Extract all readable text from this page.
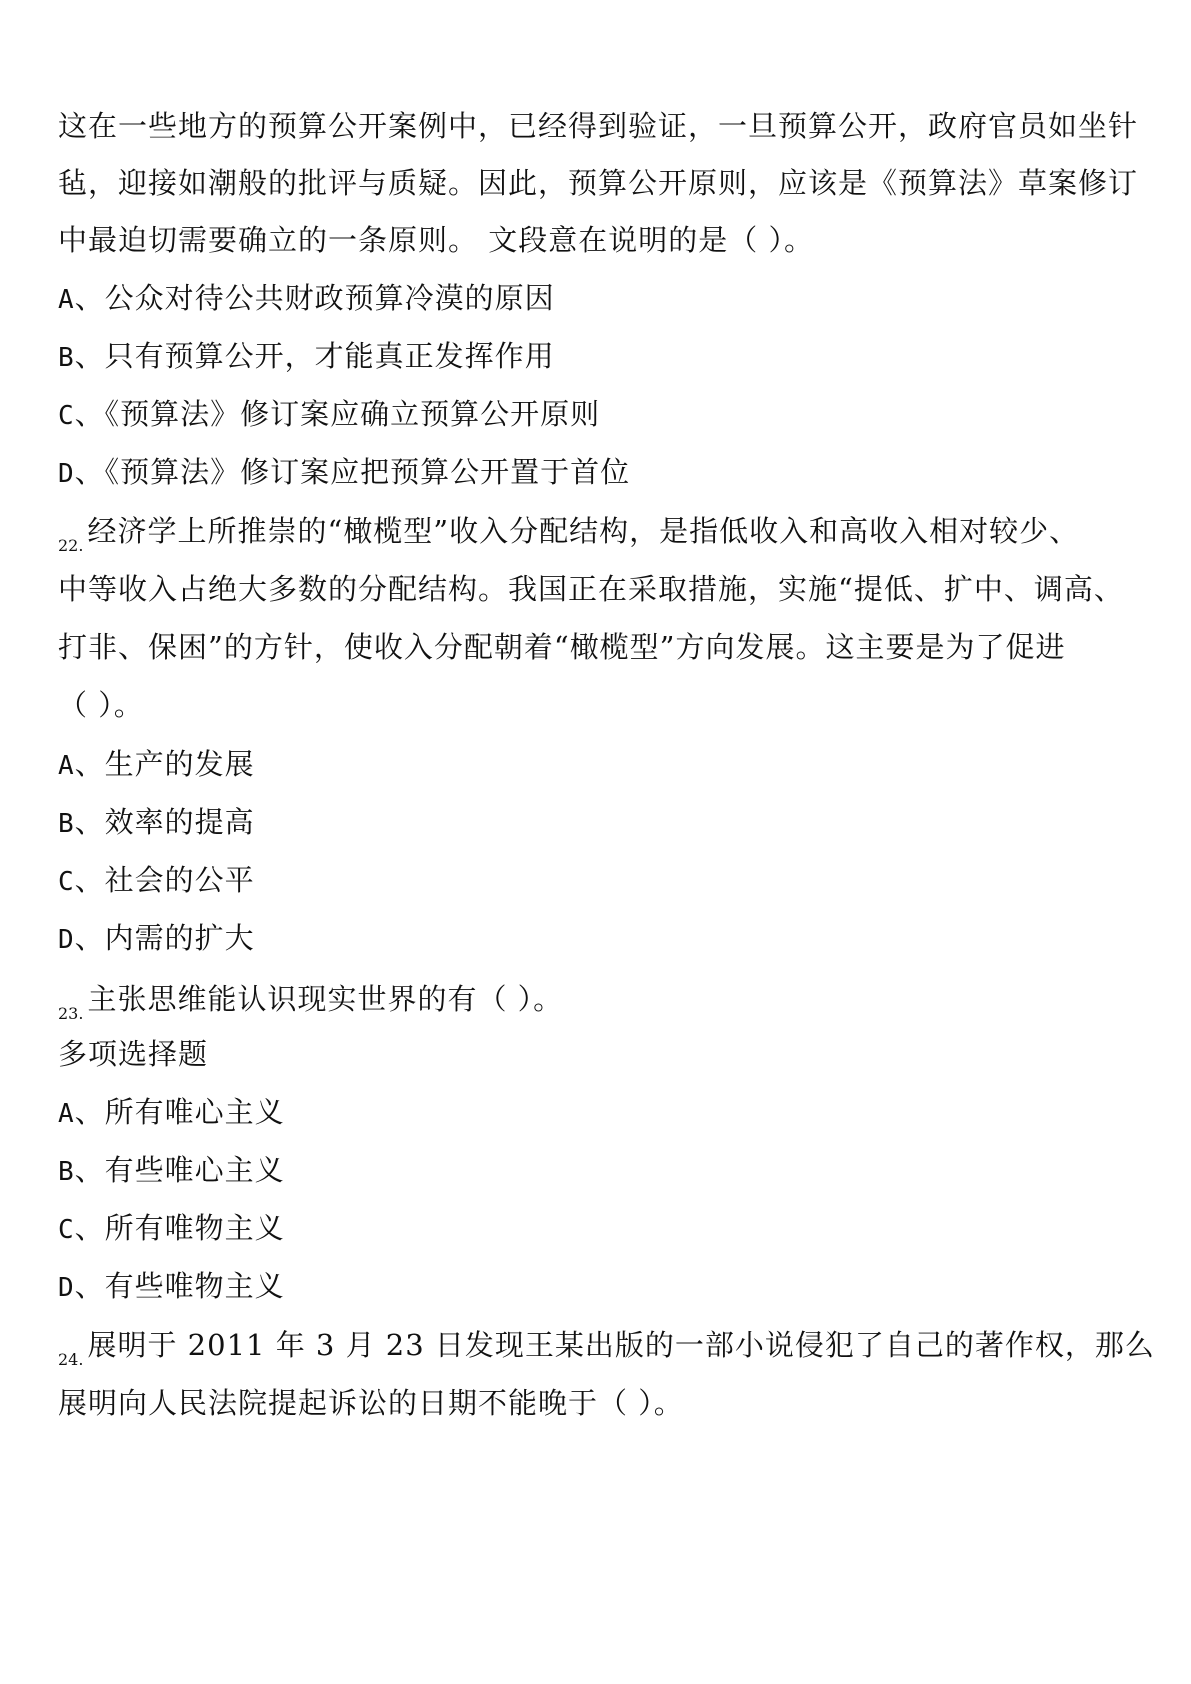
这在一些地方的预算公开案例中，已经得到验证，一旦预算公开，政府官员如坐针
毡，迎接如潮般的批评与质疑。因此，预算公开原则，应该是《预算法》草案修订
中最迫切需要确立的一条原则。 文段意在说明的是（ ）。
A、公众对待公共财政预算冷漠的原因
B、只有预算公开，才能真正发挥作用
C、《预算法》修订案应确立预算公开原则
D、《预算法》修订案应把预算公开置于首位
$_{22.}$ 经济学上所推崇的“橄榄型”收入分配结构，是指低收入和高收入相对较少、
中等收入占绝大多数的分配结构。我国正在采取措施，实施“提低、扩中、调高、
打非、保困”的方针，使收入分配朝着“橄榄型”方向发展。这主要是为了促进
（ ）。
A、生产的发展
B、效率的提高
C、社会的公平
D、内需的扩大
$_{23.}$ 主张思维能认识现实世界的有（ ）。
多项选择题
A、所有唯心主义
B、有些唯心主义
C、所有唯物主义
D、有些唯物主义
$_{24.}$ 展明于 2011 年 3 月 23 日发现王某出版的一部小说侵犯了自己的著作权，那么
展明向人民法院提起诉讼的日期不能晚于（ ）。
